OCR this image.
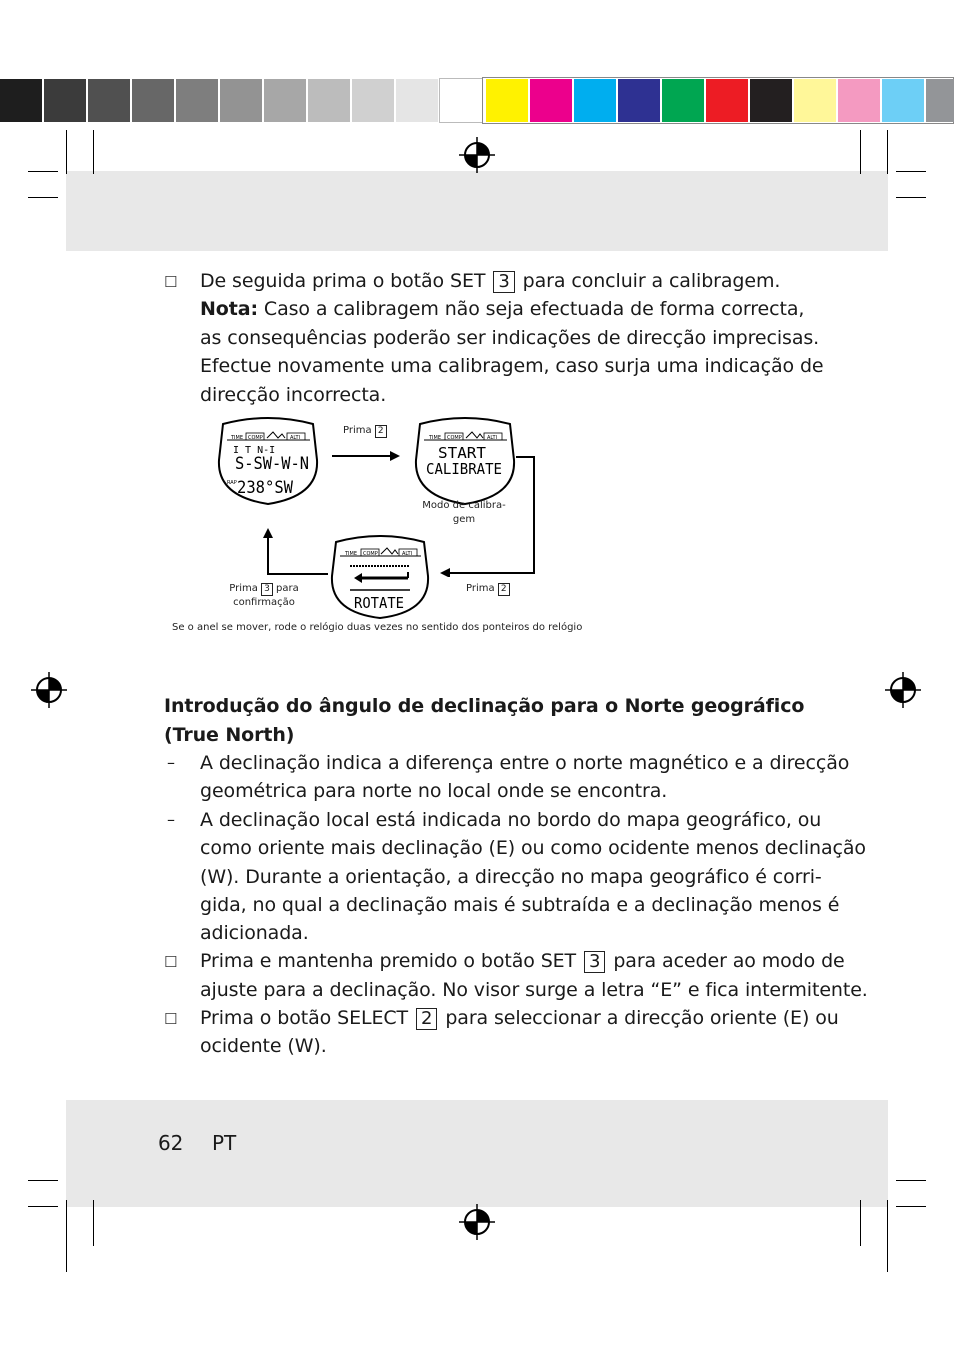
☐ De seguida prima o botão SET 3 para concluir a calibragem.
Nota: Caso a calibragem não seja efectuada de forma correcta,
as consequências poderão ser indicações de direcção imprecisas.
Efectue novamente uma calibragem, caso surja uma indicação de
direcção incorrecta.
TIME COMP	ALTI
I T N-I
S-SW-W-N
RAP 238°SW
TIME COMP	ALTI
START
CALIBRATE
TIME COMP	ALTI
ROTATE
Prima 2
Modo de calibra-
gem
Prima 2
Prima 3 para
confirmação
Se o anel se mover, rode o relógio duas vezes no sentido dos ponteiros do relógio
Introdução do ângulo de declinação para o Norte geográfico
(True North)
– A declinação indica a diferença entre o norte magnético e a direcção
geométrica para norte no local onde se encontra.
– A declinação local está indicada no bordo do mapa geográfico, ou
como oriente mais declinação (E) ou como ocidente menos declinação
(W). Durante a orientação, a direcção no mapa geográfico é corri-
gida, no qual a declinação mais é subtraída e a declinação menos é
adicionada.
☐ Prima e mantenha premido o botão SET 3 para aceder ao modo de
ajuste para a declinação. No visor surge a letra “E” e fica intermitente.
☐ Prima o botão SELECT 2 para seleccionar a direcção oriente (E) ou
ocidente (W).
62 PT
